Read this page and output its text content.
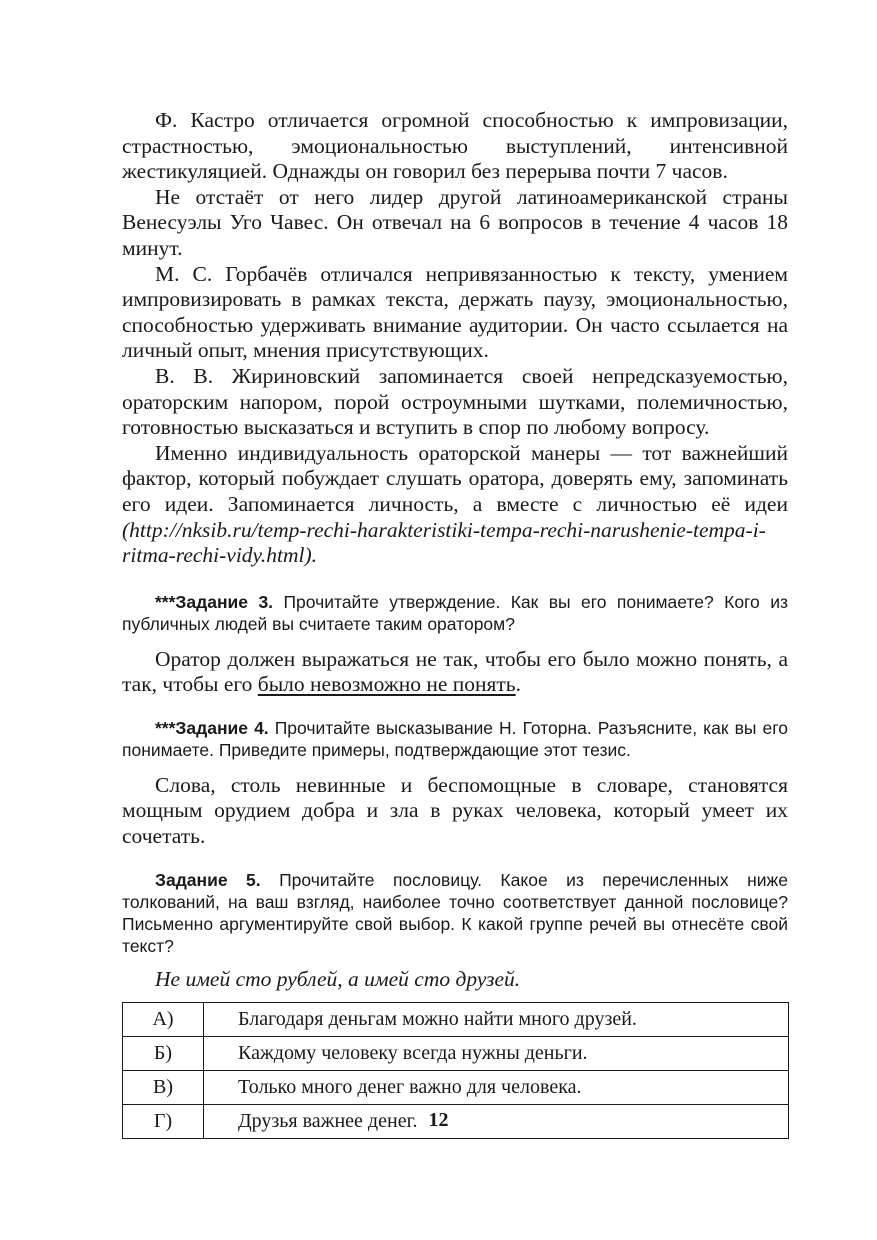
Ф. Кастро отличается огромной способностью к импровизации, страстностью, эмоциональностью выступлений, интенсивной жестикуляцией. Однажды он говорил без перерыва почти 7 часов.

Не отстаёт от него лидер другой латиноамериканской страны Венесуэлы Уго Чавес. Он отвечал на 6 вопросов в течение 4 часов 18 минут.

М. С. Горбачёв отличался непривязанностью к тексту, умением импровизировать в рамках текста, держать паузу, эмоциональностью, способностью удерживать внимание аудитории. Он часто ссылается на личный опыт, мнения присутствующих.

В. В. Жириновский запоминается своей непредсказуемостью, ораторским напором, порой остроумными шутками, полемичностью, готовностью высказаться и вступить в спор по любому вопросу.

Именно индивидуальность ораторской манеры — тот важнейший фактор, который побуждает слушать оратора, доверять ему, запоминать его идеи. Запоминается личность, а вместе с личностью её идеи (http://nksib.ru/temp-rechi-harakteristiki-tempa-rechi-narushenie-tempa-i-ritma-rechi-vidy.html).

***Задание 3. Прочитайте утверждение. Как вы его понимаете? Кого из публичных людей вы считаете таким оратором?

Оратор должен выражаться не так, чтобы его было можно понять, а так, чтобы его было невозможно не понять.

***Задание 4. Прочитайте высказывание Н. Готорна. Разъясните, как вы его понимаете. Приведите примеры, подтверждающие этот тезис.

Слова, столь невинные и беспомощные в словаре, становятся мощным орудием добра и зла в руках человека, который умеет их сочетать.

Задание 5. Прочитайте пословицу. Какое из перечисленных ниже толкований, на ваш взгляд, наиболее точно соответствует данной пословице? Письменно аргументируйте свой выбор. К какой группе речей вы отнесёте свой текст?

Не имей сто рублей, а имей сто друзей.

А)	Благодаря деньгам можно найти много друзей.
Б)	Каждому человеку всегда нужны деньги.
В)	Только много денег важно для человека.
Г)	Друзья важнее денег. 12
